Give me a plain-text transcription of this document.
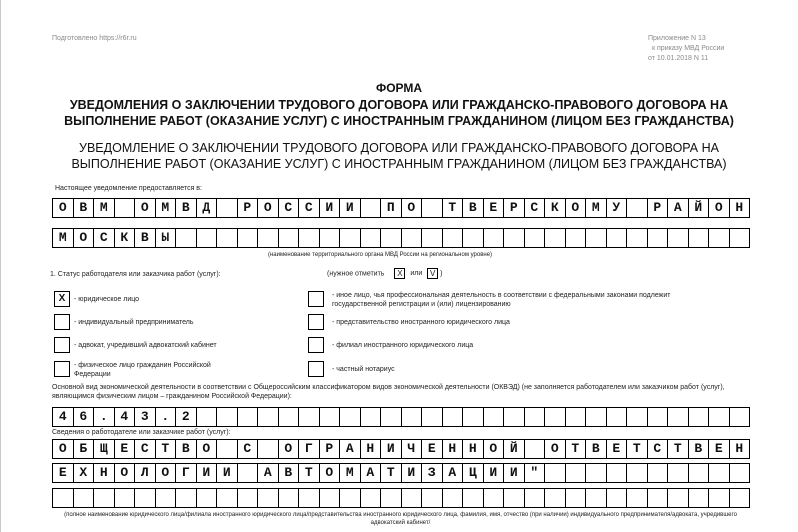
Подготовлено https://r6r.ru	Приложение N 13
к приказу МВД России
от 10.01.2018 N 11
ФОРМА
УВЕДОМЛЕНИЯ О ЗАКЛЮЧЕНИИ ТРУДОВОГО ДОГОВОРА ИЛИ ГРАЖДАНСКО-ПРАВОВОГО ДОГОВОРА НА
ВЫПОЛНЕНИЕ РАБОТ (ОКАЗАНИЕ УСЛУГ) С ИНОСТРАННЫМ ГРАЖДАНИНОМ (ЛИЦОМ БЕЗ ГРАЖДАНСТВА)
УВЕДОМЛЕНИЕ О ЗАКЛЮЧЕНИИ ТРУДОВОГО ДОГОВОРА ИЛИ ГРАЖДАНСКО-ПРАВОВОГО ДОГОВОРА НА
ВЫПОЛНЕНИЕ РАБОТ (ОКАЗАНИЕ УСЛУГ) С ИНОСТРАННЫМ ГРАЖДАНИНОМ (ЛИЦОМ БЕЗ ГРАЖДАНСТВА)
Настоящее уведомление предоставляется в:
О В М	О М В Д	Р О С С И И	П О	Т В Е Р С К О М У	Р А Й О Н
М О С К В Ы
(наименование территориального органа МВД России на региональном уровне)
1. Статус работодателя или заказчика работ (услуг):	(нужное отметить X или V )
X	- юридическое лицо
- индивидуальный предприниматель
- адвокат, учредивший адвокатский кабинет
- физическое лицо гражданин Российской Федерации
- иное лицо, чья профессиональная деятельность в соответствии с федеральными законами подлежит государственной регистрации и (или) лицензированию
- представительство иностранного юридического лица
- филиал иностранного юридического лица
- частный нотариус
Основной вид экономической деятельности в соответствии с Общероссийским классификатором видов экономической деятельности (ОКВЭД) (не заполняется работодателем или заказчиком работ (услуг), являющимся физическим лицом – гражданином Российской Федерации):
4 6 . 4 3 . 2
Сведения о работодателе или заказчике работ (услуг):
О Б Щ Е С Т В О	С	О Г Р А Н И Ч Е Н Н О Й	О Т В Е Т С Т В Е Н
Е Х Н О Л О Г И И	А В Т О М А Т И З А Ц И И "
(полное наименование юридического лица/филиала иностранного юридического лица/представительства иностранного юридического лица, фамилия, имя, отчество (при наличии) индивидуального предпринимателя/адвоката, учредившего адвокатский кабинет/
